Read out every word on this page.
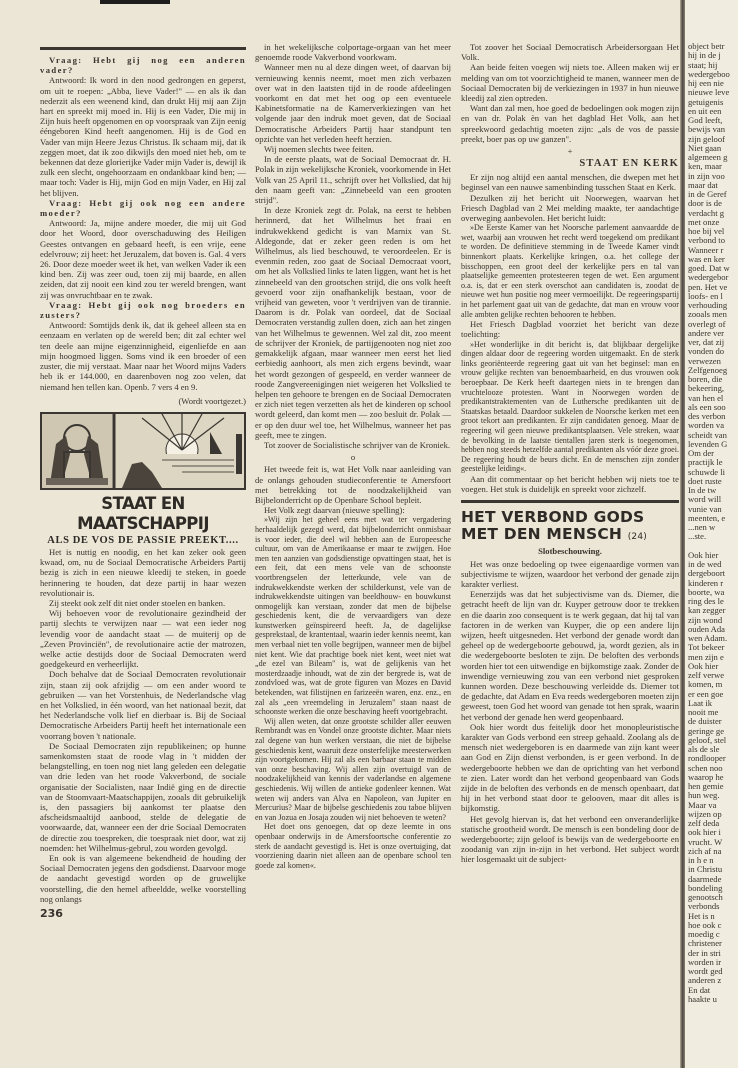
Vraag: Hebt gij nog een anderen vader?

Antwoord: Ik word in den nood gedrongen en geperst, om uit te roepen: „Abba, lieve Vader!" — en als ik dan nederzit als een weenend kind, dan drukt Hij mij aan Zijn hart en spreekt mij moed in. Hij is een Vader, Die mij in Zijn huis heeft opgenomen en op voorspraak van Zijn eenig ééngeboren Kind heeft aangenomen. Hij is de God en Vader van mijn Heere Jezus Christus. Ik schaam mij, dat ik zeggen moet, dat ik zoo dikwijls den moed niet heb, om te bekennen dat deze glorierijke Vader mijn Vader is, dewijl ik zulk een slecht, ongehoorzaam en ondankbaar kind ben; — maar toch: Vader is Hij, mijn God en mijn Vader, en Hij zal het blijven.

Vraag: Hebt gij ook nog een andere moeder?

Antwoord: Ja, mijne andere moeder, die mij uit God door het Woord, door overschaduwing des Heiligen Geestes ontvangen en gebaard heeft, is een vrije, eene edelvrouw; zij heet: het Jeruzalem, dat boven is. Gal. 4 vers 26. Door deze moeder weet ik het, van welken Vader ik een kind ben. Zij was zeer oud, toen zij mij baarde, en allen zeiden, dat zij nooit een kind zou ter wereld brengen, want zij was onvruchtbaar en te zwak.

Vraag: Hebt gij ook nog broeders en zusters?

Antwoord: Somtijds denk ik, dat ik geheel alleen sta en eenzaam en verlaten op de wereld ben; dit zal echter wel ten deele aan mijne eigenzinnigheid, eigenliefde en aan mijn hoogmoed liggen. Soms vind ik een broeder of een zuster, die mij verstaat. Maar naar het Woord mijns Vaders heb ik er 144.000, en daarenboven nog zoo velen, dat niemand hen tellen kan. Openb. 7 vers 4 en 9.

(Wordt voortgezet.)

STAAT EN MAATSCHAPPIJ
ALS DE VOS DE PASSIE PREEKT....

Het is nuttig en noodig, en het kan zeker ook geen kwaad, om, nu de Sociaal Democratische Arbeiders Partij bezig is zich in een nieuwe kleedij te steken, in goede herinnering te houden, dat deze partij in haar wezen revolutionair is.

Zij steekt ook zelf dit niet onder stoelen en banken.

Wij behoeven voor de revolutionaire gezindheid der partij slechts te verwijzen naar — wat een ieder nog levendig voor de aandacht staat — de muiterij op de „Zeven Provinciën", de revolutionaire actie der matrozen, welke actie destijds door de Sociaal Democraten werd goedgekeurd en verheerlijkt.

Doch behalve dat de Sociaal Democraten revolutionair zijn, staan zij ook afzijdig — om een ander woord te gebruiken — van het Vorstenhuis, de Nederlandsche vlag en het Volkslied, in één woord, van het nationaal bezit, dat het Nederlandsche volk lief en dierbaar is. Bij de Sociaal Democratische Arbeiders Partij heeft het internationale een voorrang boven 't nationale.

De Sociaal Democraten zijn republikeinen; op hunne samenkomsten staat de roode vlag in 't midden der belangstelling, en toen nog niet lang geleden een delegatie van drie leden van het roode Vakverbond, de sociale organisatie der Socialisten, naar Indië ging en de directie van de Stoomvaart-Maatschappijen, zooals dit gebruikelijk is, den passagiers bij aankomst ter plaatse den afscheidsmaaltijd aanbood, stelde de delegatie de voorwaarde, dat, wanneer een der drie Sociaal Democraten de directie zou toespreken, die toespraak niet door, wat zij noemden: het Wilhelmus-gebrul, zou worden gevolgd.

En ook is van algemeene bekendheid de houding der Sociaal Democraten jegens den godsdienst. Daarvoor moge de aandacht gevestigd worden op de gruwelijke voorstelling, die den hemel afbeeldde, welke voorstelling nog onlangs

236

in het wekelijksche colportage-orgaan van het meer genoemde roode Vakverbond voorkwam.

Wanneer men nu al deze dingen weet, of daarvan bij vernieuwing kennis neemt, moet men zich verbazen over wat in den laatsten tijd in de roode afdeelingen voorkomt en dat met het oog op een eventueele Kabinetsformatie na de Kamerverkiezingen van het volgende jaar den indruk moet geven, dat de Sociaal Democratische Arbeiders Partij haar standpunt ten opzichte van het verleden heeft herzien.

Wij noemen slechts twee feiten.

In de eerste plaats, wat de Sociaal Democraat dr. H. Polak in zijn wekelijksche Kroniek, voorkomende in Het Volk van 25 April 11., schrijft over het Volkslied, dat hij den naam geeft van: „Zinnebeeld van een grooten strijd".

In deze Kroniek zegt dr. Polak, na eerst te hebben herinnerd, dat het Wilhelmus het fraai en indrukwekkend gedicht is van Marnix van St. Aldegonde, dat er zeker geen reden is om het Wilhelmus, als lied beschouwd, te veroordeelen. Er is evenmin reden, zoo gaat de Sociaal Democraat voort, om het als Volkslied links te laten liggen, want het is het zinnebeeld van den grootschen strijd, die ons volk heeft gevoerd voor zijn onafhankelijk bestaan, voor de vrijheid van geweten, voor 't verdrijven van de tirannie. Daarom is dr. Polak van oordeel, dat de Sociaal Democraten verstandig zullen doen, zich aan het zingen van het Wilhelmus te gewennen. Wel zal dit, zoo meent de schrijver der Kroniek, de partijgenooten nog niet zoo gemakkelijk afgaan, maar wanneer men eerst het lied eerbiedig aanhoort, als men zich ergens bevindt, waar het wordt gezongen of gespeeld, en verder wanneer de roode Zangvereenigingen niet weigeren het Volkslied te helpen ten gehoore te brengen en de Sociaal Democraten er zich niet tegen verzetten als het de kinderen op school wordt geleerd, dan komt men — zoo besluit dr. Polak — er op den duur wel toe, het Wilhelmus, wanneer het pas geeft, mee te zingen.

Tot zoover de Socialistische schrijver van de Kroniek.

o

Het tweede feit is, wat Het Volk naar aanleiding van de onlangs gehouden studieconferentie te Amersfoort met betrekking tot de noodzakelijkheid van Bijbelonderricht op de Openbare School bepleit.

Het Volk zegt daarvan (nieuwe spelling):

»Wij zijn het geheel eens met wat ter vergadering herhaaldelijk gezegd werd, dat bijbelonderricht onmisbaar is voor ieder, die deel wil hebben aan de Europeesche cultuur, om van de Amerikaanse er maar te zwijgen. Hoe men ten aanzien van godsdienstige opvattingen staat, het is een feit, dat een mens vele van de schoonste voortbrengselen der letterkunde, vele van de indrukwekkendste werken der schilderkunst, vele van de indrukwekkendste uitingen van beeldhouw- en bouwkunst onmogelijk kan verstaan, zonder dat men de bijbelse geschiedenis kent, die de vervaardigers van deze kunstwerken geïnspireerd heeft. Ja, de dagelijkse gesprekstaal, de krantentaal, waarin ieder kennis neemt, kan men verbaal niet ten volle begrijpen, wanneer men de bijbel niet kent. Wie dat prachtige boek niet kent, weet niet wat „de ezel van Bileam" is, wat de gelijkenis van het mosterdzaadje inhoudt, wat de zin der bergrede is, wat de zondvloed was, wat de grote figuren van Mozes en David betekenden, wat filistijnen en farizeeën waren, enz. enz., en zal als „een vreemdeling in Jeruzalem" staan naast de schoonste werken die onze beschaving heeft voortgebracht.

Wij allen weten, dat onze grootste schilder aller eeuwen Rembrandt was en Vondel onze grootste dichter. Maar niets zal degene van hun werken verstaan, die niet de bijbelse geschiedenis kent, waaruit deze onsterfelijke meesterwerken zijn voortgekomen. Hij zal als een barbaar staan te midden van onze beschaving. Wij allen zijn overtuigd van de noodzakelijkheid van kennis der vaderlandse en algemene geschiedenis. Wij willen de antieke godenleer kennen. Wat weten wij anders van Alva en Napoleon, van Jupiter en Mercurius? Maar de bijbelse geschiedenis zou taboe blijven en van Jozua en Josaja zouden wij niet behoeven te weten?

Het doet ons genoegen, dat op deze leemte in ons openbaar onderwijs in de Amersfoortsche conferentie zo sterk de aandacht gevestigd is. Het is onze overtuiging, dat voorziening daarin niet alleen aan de openbare school ten goede zal komen«.

Tot zoover het Sociaal Democratisch Arbeidersorgaan Het Volk.

Aan beide feiten voegen wij niets toe. Alleen maken wij er melding van om tot voorzichtigheid te manen, wanneer men de Sociaal Democraten bij de verkiezingen in 1937 in hun nieuwe kleedij zal zien optreden.

Want dan zal men, hoe goed de bedoelingen ook mogen zijn en van dr. Polak èn van het dagblad Het Volk, aan het spreekwoord gedachtig moeten zijn: „als de vos de passie preekt, boer pas op uw ganzen".

+

STAAT EN KERK

Er zijn nog altijd een aantal menschen, die dwepen met het beginsel van een nauwe samenbinding tusschen Staat en Kerk.

Dezulken zij het bericht uit Noorwegen, waarvan het Friesch Dagblad van 2 Mei melding maakte, ter aandachtige overweging aanbevolen. Het bericht luidt:

»De Eerste Kamer van het Noorsche parlement aanvaardde de wet, waarbij aan vrouwen het recht werd toegekend om predikant te worden. De definitieve stemming in de Tweede Kamer vindt binnenkort plaats. Kerkelijke kringen, o.a. het college der bisschoppen, een groot deel der kerkelijke pers en tal van plaatselijke gemeenten protesteeren tegen de wet. Een argument o.a. is, dat er een sterk overschot aan candidaten is, zoodat de nieuwe wet hun positie nog meer vermoeilijkt. De regeeringspartij in het parlement gaat uit van de gedachte, dat man en vrouw voor alle ambten gelijke rechten behooren te hebben.

Het Friesch Dagblad voorziet het bericht van deze toelichting:

»Het wonderlijke in dit bericht is, dat blijkbaar dergelijke dingen aldaar door de regeering worden uitgemaakt. En de sterk links georiënteerde regeering gaat uit van het beginsel: man en vrouw gelijke rechten van benoembaarheid, en dus vrouwen ook beroepbaar. De Kerk heeft daartegen niets in te brengen dan vruchtelooze protesten. Want in Noorwegen worden de predikantstraktementen van de Luthersche predikanten uit de Staatskas betaald. Daardoor sukkelen de Noorsche kerken met een groot tekort aan predikanten. Er zijn candidaten genoeg. Maar de regeering wil geen nieuwe predikantsplaatsen. Vele streken, waar de bevolking in de laatste tientallen jaren sterk is toegenomen, hebben nog steeds hetzelfde aantal predikanten als vóór deze groei. De regeering houdt de beurs dicht. En de menschen zijn zonder geestelijke leiding«.

Aan dit commentaar op het bericht hebben wij niets toe te voegen. Het stuk is duidelijk en spreekt voor zichzelf.

HET VERBOND GODS MET DEN MENSCH (24)

Slotbeschouwing.

Het was onze bedoeling op twee eigenaardige vormen van subjectivisme te wijzen, waardoor het verbond der genade zijn karakter verliest.

Eenerzijds was dat het subjectivisme van ds. Diemer, die getracht heeft de lijn van dr. Kuyper getrouw door te trekken en die daarin zoo consequent is te werk gegaan, dat hij tal van factoren in de werken van Kuyper, die op een andere lijn wijzen, heeft uitgesneden. Het verbond der genade wordt dan geheel op de wedergeboorte gebouwd, ja, wordt gezien, als in die wedergeboorte besloten te zijn. De beloften des verbonds worden hier tot een uitwendige en bijkomstige zaak. Zonder de inwendige vernieuwing zou van een verbond niet gesproken kunnen worden. Deze beschouwing verleidde ds. Diemer tot de gedachte, dat Adam en Eva reeds wedergeboren moeten zijn geweest, toen God het woord van genade tot hen sprak, waarin het verbond der genade hen werd geopenbaard.

Ook hier wordt dus feitelijk door het monopleuristische karakter van Gods verbond een streep gehaald. Zoolang als de mensch niet wedergeboren is en daarmede van zijn kant weer aan God en Zijn dienst verbonden, is er geen verbond. In de wedergeboorte hebben we dan de oprichting van het verbond te zien. Later wordt dan het verbond geopenbaard van Gods zijde in de beloften des verbonds en de mensch openbaart, dat hij in het verbond staat door te gelooven, maar dit alles is bijkomstig.

Het gevolg hiervan is, dat het verbond een onveranderlijke statische grootheid wordt. De mensch is een bondeling door de wedergeboorte; zijn geloof is bewijs van de wedergeboorte en zoodanig van zijn in-zijn in het verbond. Het subject wordt hier losgemaakt uit de subject-

object betr
hij in de j
staat; hij
wedergeboo
hij een nie
nieuwe leve
getuigenis
en uit een
God leeft,
bewijs van
zijn geloof
Niet gaan
algemeen g
ken, maar
in zijn voo
maar dat
in de Geref
door is de
verdacht g
met onze
hoe bij vel
verbond to
Wanneer r
was en ker
goed. Dat w
wedergebor
pen. Het ve
loofs- en l
verhouding
zooals men
overlegt of
andere ver
ver, dat zij
vonden do
verwezen
Zelfgenoeg
boren, die
bekeering,
van hen el
als een soo
des verbon
worden va
scheidt van
levenden G
Om der
practijk le
schuwde li
doet ruste
In de tw
word will
vunie van
meenten, e
...nen w
...ste.
Ook hier
in de wed
dergeboort
kinderen r
boorte, wa
ring des le
kan zegger
zijn wond
ouden Ada
wen Adam.
Tot bekeer
men zijn e
Ook hier
zelf verwe
komen, m
er een goe
Laat ik
nooit me
de duister
geringe ge
geloof, stel
als de sle
rondlooper
schen noo
waarop he
hen gemie
hun weg.
Maar va
wijzen op
zelf deda
ook hier i
vrucht. W
zich af na
in h e n
in Christu
daarmede
bondeling
genootsch
verbonds
Het is n
hoe ook c
moedig c
christener
der in stri
worden ir
wordt ged
anderen z
En dat
haakte u
